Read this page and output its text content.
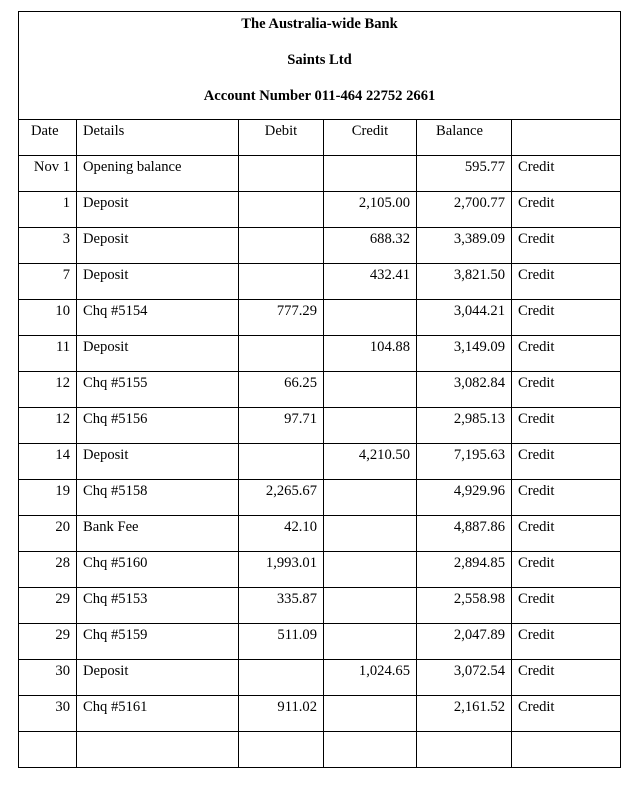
The Australia-wide Bank
Saints Ltd
Account Number 011-464 22752 2661					

Date	Details	Debit	Credit	Balance	
Nov 1	Opening balance			595.77	Credit
1	Deposit		2,105.00	2,700.77	Credit
3	Deposit		688.32	3,389.09	Credit
7	Deposit		432.41	3,821.50	Credit
10	Chq #5154	777.29		3,044.21	Credit
11	Deposit		104.88	3,149.09	Credit
12	Chq #5155	66.25		3,082.84	Credit
12	Chq #5156	97.71		2,985.13	Credit
14	Deposit		4,210.50	7,195.63	Credit
19	Chq #5158	2,265.67		4,929.96	Credit
20	Bank Fee	42.10		4,887.86	Credit
28	Chq #5160	1,993.01		2,894.85	Credit
29	Chq #5153	335.87		2,558.98	Credit
29	Chq #5159	511.09		2,047.89	Credit
30	Deposit		1,024.65	3,072.54	Credit
30	Chq #5161	911.02		2,161.52	Credit
